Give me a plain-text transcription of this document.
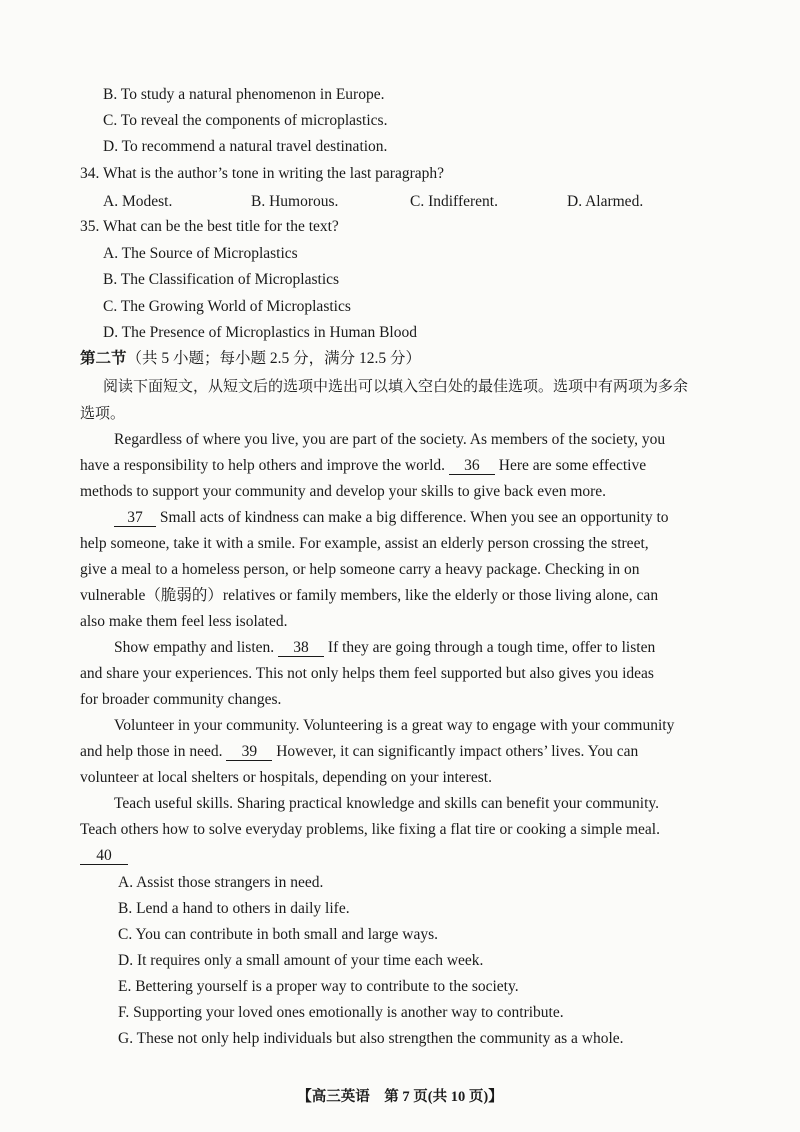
B. To study a natural phenomenon in Europe.
C. To reveal the components of microplastics.
D. To recommend a natural travel destination.
34. What is the author’s tone in writing the last paragraph?
A. Modest.	B. Humorous.	C. Indifferent.	D. Alarmed.
35. What can be the best title for the text?
A. The Source of Microplastics
B. The Classification of Microplastics
C. The Growing World of Microplastics
D. The Presence of Microplastics in Human Blood
第二节（共 5 小题；每小题 2.5 分，满分 12.5 分）
阅读下面短文，从短文后的选项中选出可以填入空白处的最佳选项。选项中有两项为多余
选项。
Regardless of where you live, you are part of the society. As members of the society, you
have a responsibility to help others and improve the world. 36 Here are some effective
methods to support your community and develop your skills to give back even more.
37 Small acts of kindness can make a big difference. When you see an opportunity to
help someone, take it with a smile. For example, assist an elderly person crossing the street,
give a meal to a homeless person, or help someone carry a heavy package. Checking in on
vulnerable（脆弱的）relatives or family members, like the elderly or those living alone, can
also make them feel less isolated.
Show empathy and listen. 38 If they are going through a tough time, offer to listen
and share your experiences. This not only helps them feel supported but also gives you ideas
for broader community changes.
Volunteer in your community. Volunteering is a great way to engage with your community
and help those in need. 39 However, it can significantly impact others’ lives. You can
volunteer at local shelters or hospitals, depending on your interest.
Teach useful skills. Sharing practical knowledge and skills can benefit your community.
Teach others how to solve everyday problems, like fixing a flat tire or cooking a simple meal.
40
A. Assist those strangers in need.
B. Lend a hand to others in daily life.
C. You can contribute in both small and large ways.
D. It requires only a small amount of your time each week.
E. Bettering yourself is a proper way to contribute to the society.
F. Supporting your loved ones emotionally is another way to contribute.
G. These not only help individuals but also strengthen the community as a whole.
【高三英语　第 7 页(共 10 页)】
